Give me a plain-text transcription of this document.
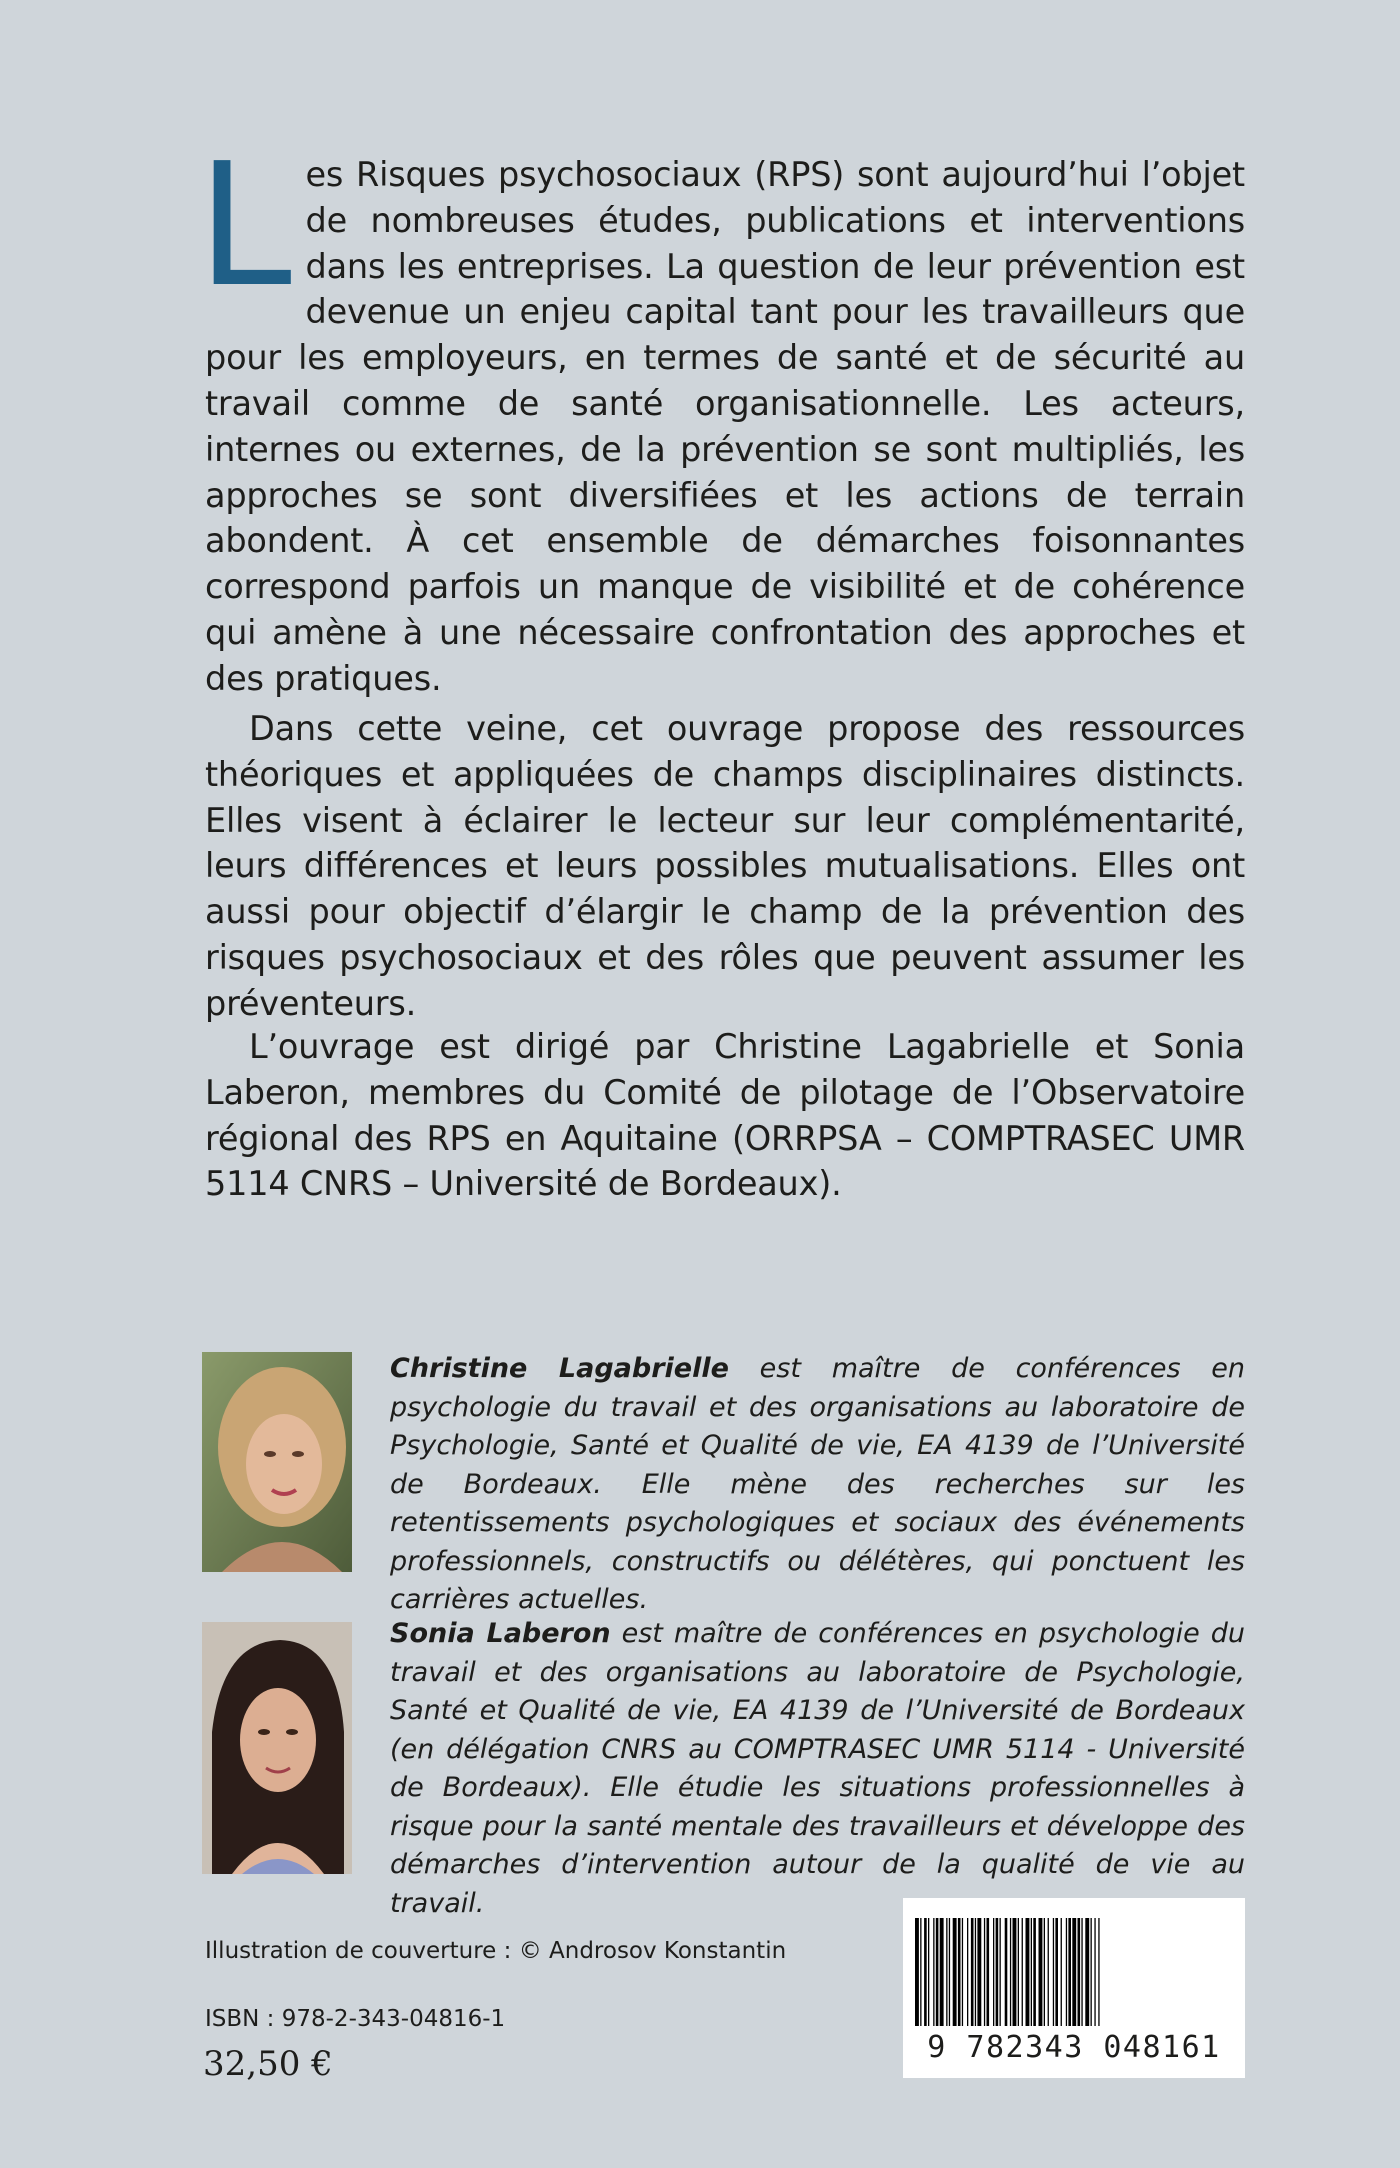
Les Risques psychosociaux (RPS) sont aujourd’hui l’objet de nombreuses études, publications et interventions dans les entreprises. La question de leur prévention est devenue un enjeu capital tant pour les travailleurs que pour les employeurs, en termes de santé et de sécurité au travail comme de santé organisationnelle. Les acteurs, internes ou externes, de la prévention se sont multipliés, les approches se sont diversifiées et les actions de terrain abondent. À cet ensemble de démarches foisonnantes correspond parfois un manque de visibilité et de cohérence qui amène à une nécessaire confrontation des approches et des pratiques.
Dans cette veine, cet ouvrage propose des ressources théoriques et appliquées de champs disciplinaires distincts. Elles visent à éclairer le lecteur sur leur complémentarité, leurs différences et leurs possibles mutualisations. Elles ont aussi pour objectif d’élargir le champ de la prévention des risques psychosociaux et des rôles que peuvent assumer les préventeurs.
L’ouvrage est dirigé par Christine Lagabrielle et Sonia Laberon, membres du Comité de pilotage de l’Observatoire régional des RPS en Aquitaine (ORRPSA – COMPTRASEC UMR 5114 CNRS – Université de Bordeaux).
Christine Lagabrielle est maître de conférences en psychologie du travail et des organisations au laboratoire de Psychologie, Santé et Qualité de vie, EA 4139 de l’Université de Bordeaux. Elle mène des recherches sur les retentissements psychologiques et sociaux des événements professionnels, constructifs ou délétères, qui ponctuent les carrières actuelles.
Sonia Laberon est maître de conférences en psychologie du travail et des organisations au laboratoire de Psychologie, Santé et Qualité de vie, EA 4139 de l’Université de Bordeaux (en délégation CNRS au COMPTRASEC UMR 5114 - Université de Bordeaux). Elle étudie les situations professionnelles à risque pour la santé mentale des travailleurs et développe des démarches d’intervention autour de la qualité de vie au travail.
Illustration de couverture : © Androsov Konstantin
ISBN : 978-2-343-04816-1
32,50 €	9 782343 048161
